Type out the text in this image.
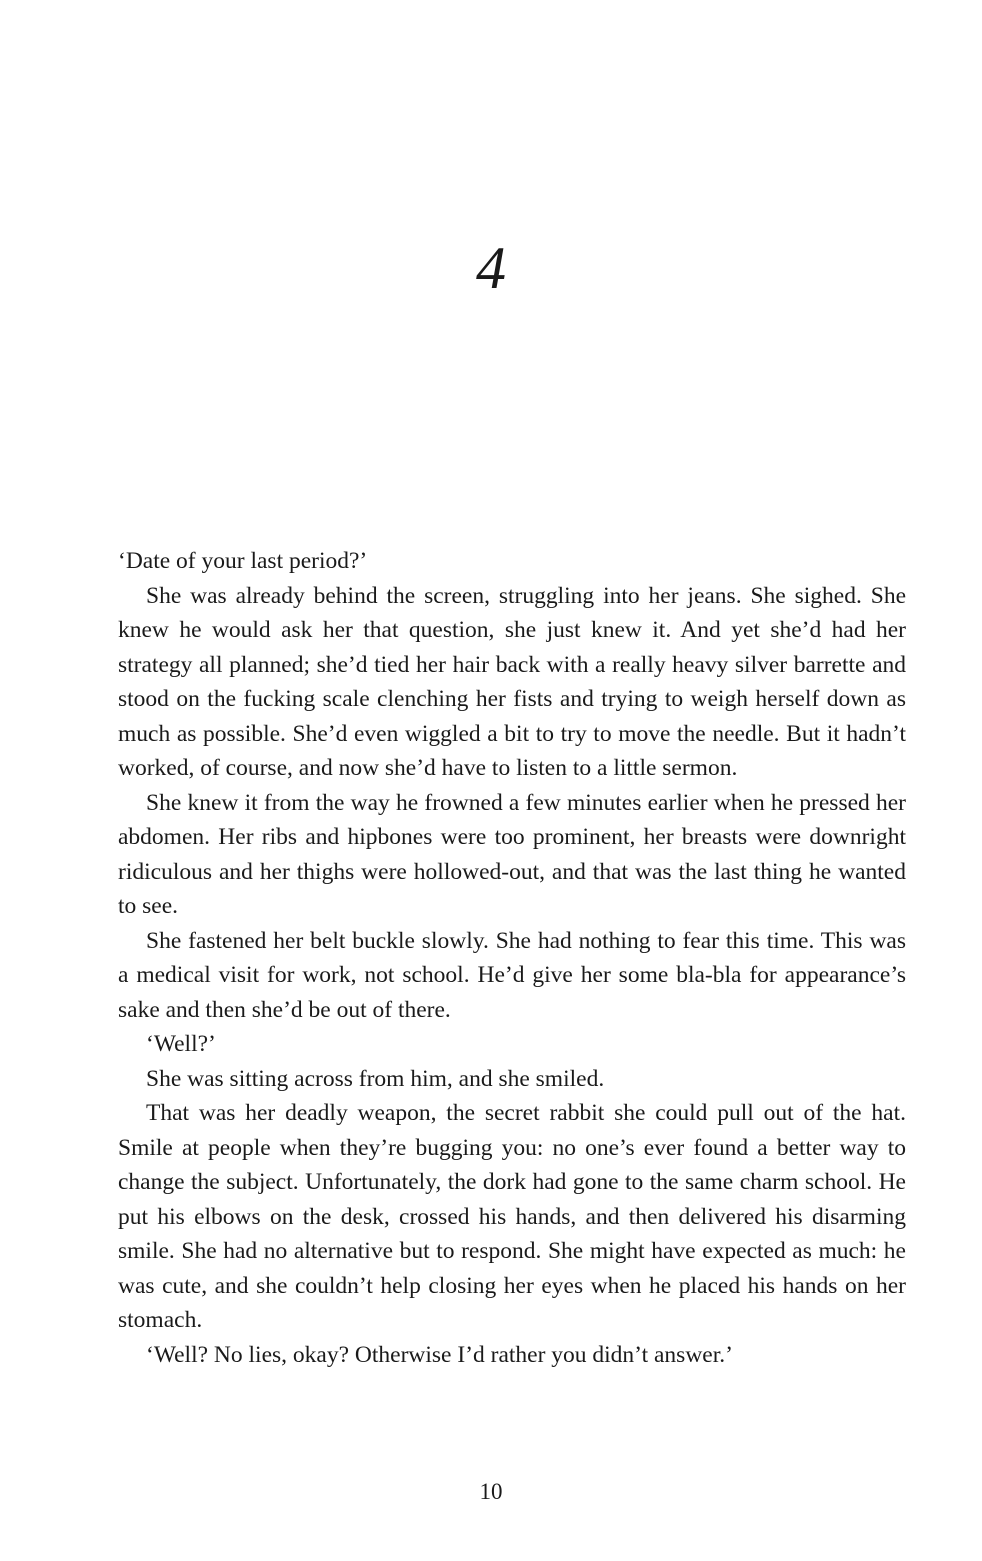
4

‘Date of your last period?’

She was already behind the screen, struggling into her jeans. She sighed. She knew he would ask her that question, she just knew it. And yet she’d had her strategy all planned; she’d tied her hair back with a really heavy silver barrette and stood on the fucking scale clenching her fists and trying to weigh herself down as much as possible. She’d even wiggled a bit to try to move the needle. But it hadn’t worked, of course, and now she’d have to listen to a little sermon.

She knew it from the way he frowned a few minutes earlier when he pressed her abdomen. Her ribs and hipbones were too prominent, her breasts were downright ridiculous and her thighs were hollowed-out, and that was the last thing he wanted to see.

She fastened her belt buckle slowly. She had nothing to fear this time. This was a medical visit for work, not school. He’d give her some bla-bla for appearance’s sake and then she’d be out of there.

‘Well?’

She was sitting across from him, and she smiled.

That was her deadly weapon, the secret rabbit she could pull out of the hat. Smile at people when they’re bugging you: no one’s ever found a better way to change the subject. Unfortunately, the dork had gone to the same charm school. He put his elbows on the desk, crossed his hands, and then delivered his disarming smile. She had no alternative but to respond. She might have expected as much: he was cute, and she couldn’t help closing her eyes when he placed his hands on her stomach.

‘Well? No lies, okay? Otherwise I’d rather you didn’t answer.’

10
